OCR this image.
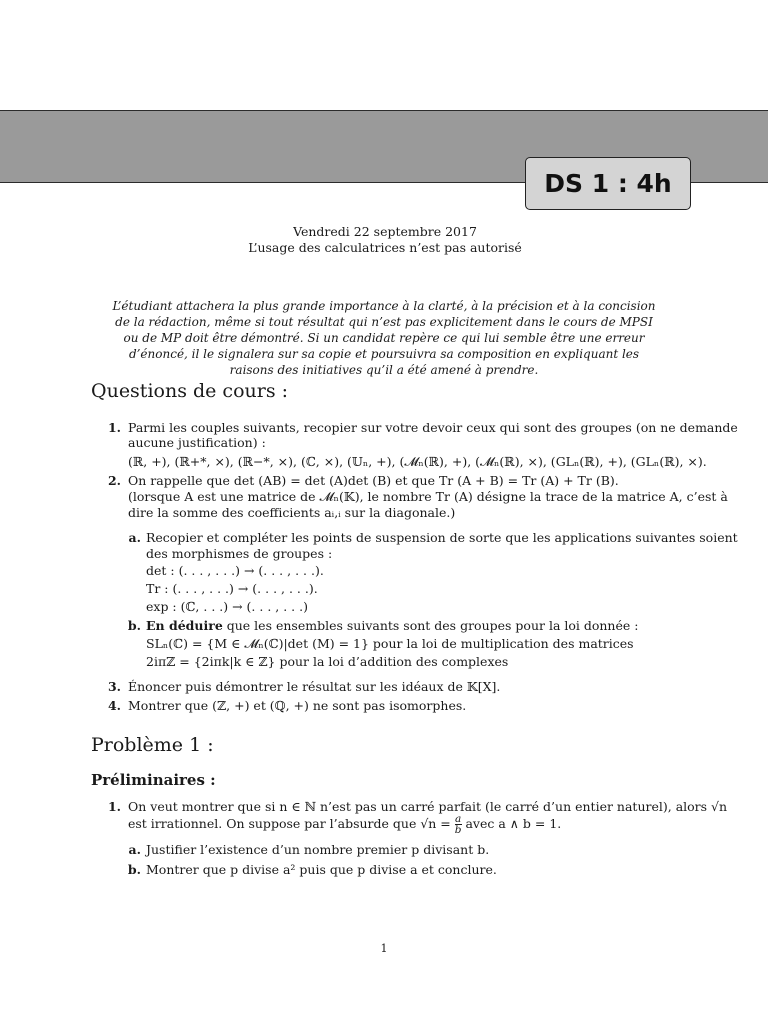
DS 1 : 4h
Vendredi 22 septembre 2017
L’usage des calculatrices n’est pas autorisé
L’étudiant attachera la plus grande importance à la clarté, à la précision et à la concision de la rédaction, même si tout résultat qui n’est pas explicitement dans le cours de MPSI ou de MP doit être démontré. Si un candidat repère ce qui lui semble être une erreur d’énoncé, il le signalera sur sa copie et poursuivra sa composition en expliquant les raisons des initiatives qu’il a été amené à prendre.
Questions de cours :
1. Parmi les couples suivants, recopier sur votre devoir ceux qui sont des groupes (on ne demande
aucune justification) :
(ℝ, +), (ℝ+*, ×), (ℝ−*, ×), (ℂ, ×), (𝕌ₙ, +), (𝓜ₙ(ℝ), +), (𝓜ₙ(ℝ), ×), (GLₙ(ℝ), +), (GLₙ(ℝ), ×).
2. On rappelle que det (AB) = det (A)det (B) et que Tr (A + B) = Tr (A) + Tr (B).
(lorsque A est une matrice de 𝓜ₙ(𝕂), le nombre Tr (A) désigne la trace de la matrice A, c’est à
dire la somme des coefficients aᵢ,ᵢ sur la diagonale.)
a. Recopier et compléter les points de suspension de sorte que les applications suivantes soient
des morphismes de groupes :
det : (. . . , . . .) → (. . . , . . .).
Tr : (. . . , . . .) → (. . . , . . .).
exp : (ℂ, . . .) → (. . . , . . .)
b. En déduire que les ensembles suivants sont des groupes pour la loi donnée :
SLₙ(ℂ) = {M ∈ 𝓜ₙ(ℂ)|det (M) = 1} pour la loi de multiplication des matrices
2iπℤ = {2iπk|k ∈ ℤ} pour la loi d’addition des complexes
3. Énoncer puis démontrer le résultat sur les idéaux de 𝕂[X].
4. Montrer que (ℤ, +) et (ℚ, +) ne sont pas isomorphes.
Problème 1 :
Préliminaires :
1. On veut montrer que si n ∈ ℕ n’est pas un carré parfait (le carré d’un entier naturel), alors √n
est irrationnel. On suppose par l’absurde que $√n = \frac{a}{b}$ avec a ∧ b = 1.
a. Justifier l’existence d’un nombre premier p divisant b.
b. Montrer que p divise a² puis que p divise a et conclure.
1
